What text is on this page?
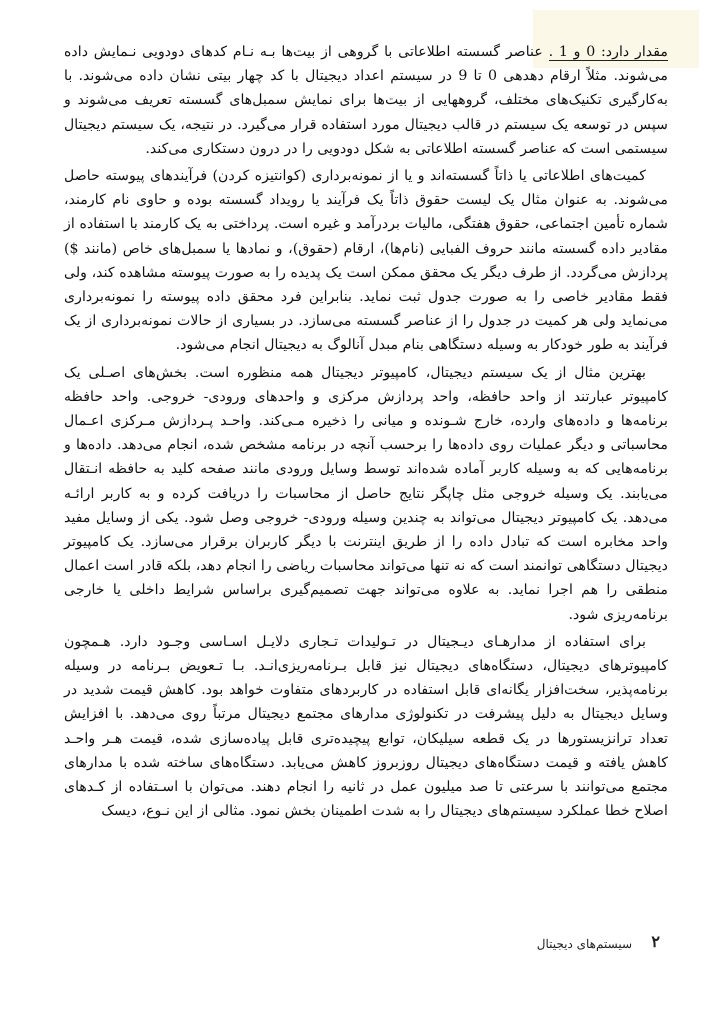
مقدار دارد: 0 و 1 . عناصر گسسته اطلاعاتی با گروهی از بیت‌ها بـه نـام کدهای دودویی نـمایش داده می‌شوند. مثلاً ارقام دهدهی 0 تا 9 در سیستم اعداد دیجیتال با کد چهار بیتی نشان داده می‌شوند. با به‌کارگیری تکنیک‌های مختلف، گروههایی از بیت‌ها برای نمایش سمبل‌های گسسته تعریف می‌شوند و سپس در توسعه یک سیستم در قالب دیجیتال مورد استفاده قرار می‌گیرد. در نتیجه، یک سیستم دیجیتال سیستمی است که عناصر گسسته اطلاعاتی به شکل دودویی را در درون دستکاری می‌کند.

کمیت‌های اطلاعاتی یا ذاتاً گسسته‌اند و یا از نمونه‌برداری (کوانتیزه کردن) فرآیندهای پیوسته حاصل می‌شوند. به عنوان مثال یک لیست حقوق ذاتاً یک فرآیند یا رویداد گسسته بوده و حاوی نام کارمند، شماره تأمین اجتماعی، حقوق هفتگی، مالیات بردرآمد و غیره است. پرداختی به یک کارمند با استفاده از مقادیر داده گسسته مانند حروف الفبایی (نام‌ها)، ارقام (حقوق)، و نمادها یا سمبل‌های خاص (مانند $) پردازش می‌گردد. از طرف دیگر یک محقق ممکن است یک پدیده را به صورت پیوسته مشاهده کند، ولی فقط مقادیر خاصی را به صورت جدول ثبت نماید. بنابراین فرد محقق داده پیوسته را نمونه‌برداری می‌نماید ولی هر کمیت در جدول را از عناصر گسسته می‌سازد. در بسیاری از حالات نمونه‌برداری از یک فرآیند به طور خودکار به وسیله دستگاهی بنام مبدل آنالوگ به دیجیتال انجام می‌شود.

بهترین مثال از یک سیستم دیجیتال، کامپیوتر دیجیتال همه منظوره است. بخش‌های اصـلی یک کامپیوتر عبارتند از واحد حافظه، واحد پردازش مرکزی و واحدهای ورودی- خروجی. واحد حافظه برنامه‌ها و داده‌های وارده، خارج شـونده و میانی را ذخیره مـی‌کند. واحـد پـردازش مـرکزی اعـمال محاسباتی و دیگر عملیات روی داده‌ها را برحسب آنچه در برنامه مشخص شده، انجام می‌دهد. داده‌ها و برنامه‌هایی که به وسیله کاربر آماده شده‌اند توسط وسایل ورودی مانند صفحه کلید به حافظه انـتقال می‌یابند. یک وسیله خروجی مثل چاپگر نتایج حاصل از محاسبات را دریافت کرده و به کاربر ارائـه می‌دهد. یک کامپیوتر دیجیتال می‌تواند به چندین وسیله ورودی- خروجی وصل شود. یکی از وسایل مفید واحد مخابره است که تبادل داده را از طریق اینترنت با دیگر کاربران برقرار می‌سازد. یک کامپیوتر دیجیتال دستگاهی توانمند است که نه تنها می‌تواند محاسبات ریاضی را انجام دهد، بلکه قادر است اعمال منطقی را هم اجرا نماید. به علاوه می‌تواند جهت تصمیم‌گیری براساس شرایط داخلی یا خارجی برنامه‌ریزی شود.

برای استفاده از مدارهـای دیـجیتال در تـولیدات تـجاری دلایـل اسـاسی وجـود دارد. هـمچون کامپیوترهای دیجیتال، دستگاه‌های دیجیتال نیز قابل بـرنامه‌ریزی‌انـد. بـا تـعویض بـرنامه در وسیله برنامه‌پذیر، سخت‌افزار یگانه‌ای قابل استفاده در کاربردهای متفاوت خواهد بود. کاهش قیمت شدید در وسایل دیجیتال به دلیل پیشرفت در تکنولوژی مدارهای مجتمع دیجیتال مرتباً روی می‌دهد. با افزایش تعداد ترانزیستورها در یک قطعه سیلیکان، توابع پیچیده‌تری قابل پیاده‌سازی شده، قیمت هـر واحـد کاهش یافته و قیمت دستگاه‌های دیجیتال روزبروز کاهش می‌یابد. دستگاه‌های ساخته شده با مدارهای مجتمع می‌توانند با سرعتی تا صد میلیون عمل در ثانیه را انجام دهند. می‌توان با اسـتفاده از کـدهای اصلاح خطا عملکرد سیستم‌های دیجیتال را به شدت اطمینان بخش نمود. مثالی از این نـوع، دیسک

۲
سیستم‌های دیجیتال
